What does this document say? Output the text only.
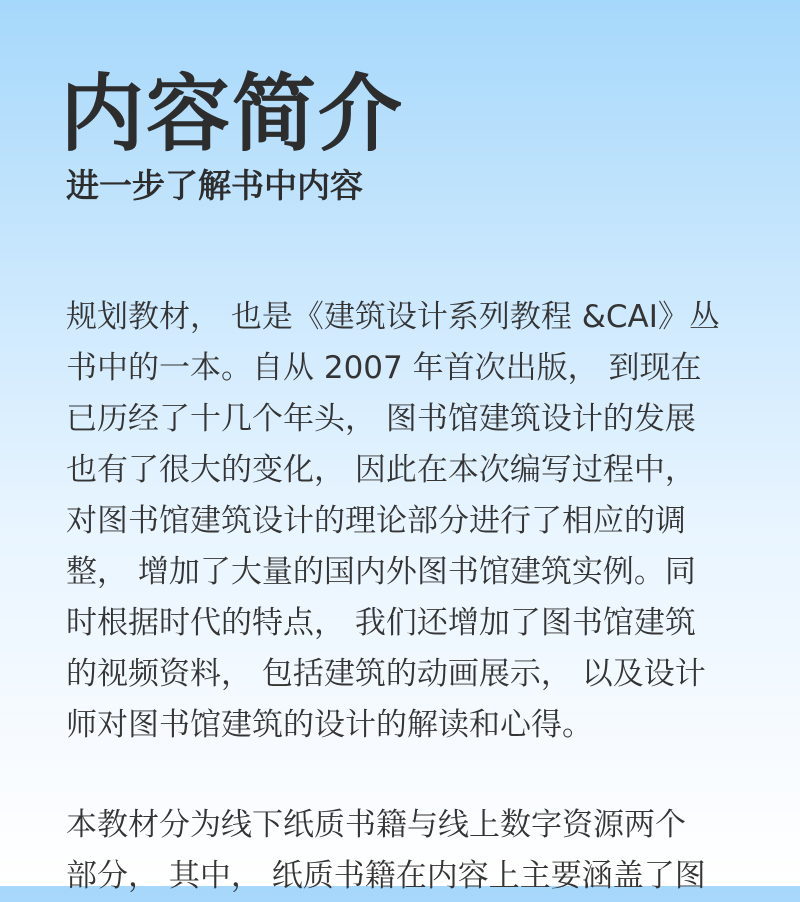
内容简介
进一步了解书中内容
规划教材， 也是《建筑设计系列教程 &CAI》丛
书中的一本。自从 2007 年首次出版， 到现在
已历经了十几个年头， 图书馆建筑设计的发展
也有了很大的变化， 因此在本次编写过程中，
对图书馆建筑设计的理论部分进行了相应的调
整， 增加了大量的国内外图书馆建筑实例。同
时根据时代的特点， 我们还增加了图书馆建筑
的视频资料， 包括建筑的动画展示， 以及设计
师对图书馆建筑的设计的解读和心得。
本教材分为线下纸质书籍与线上数字资源两个
部分， 其中， 纸质书籍在内容上主要涵盖了图
